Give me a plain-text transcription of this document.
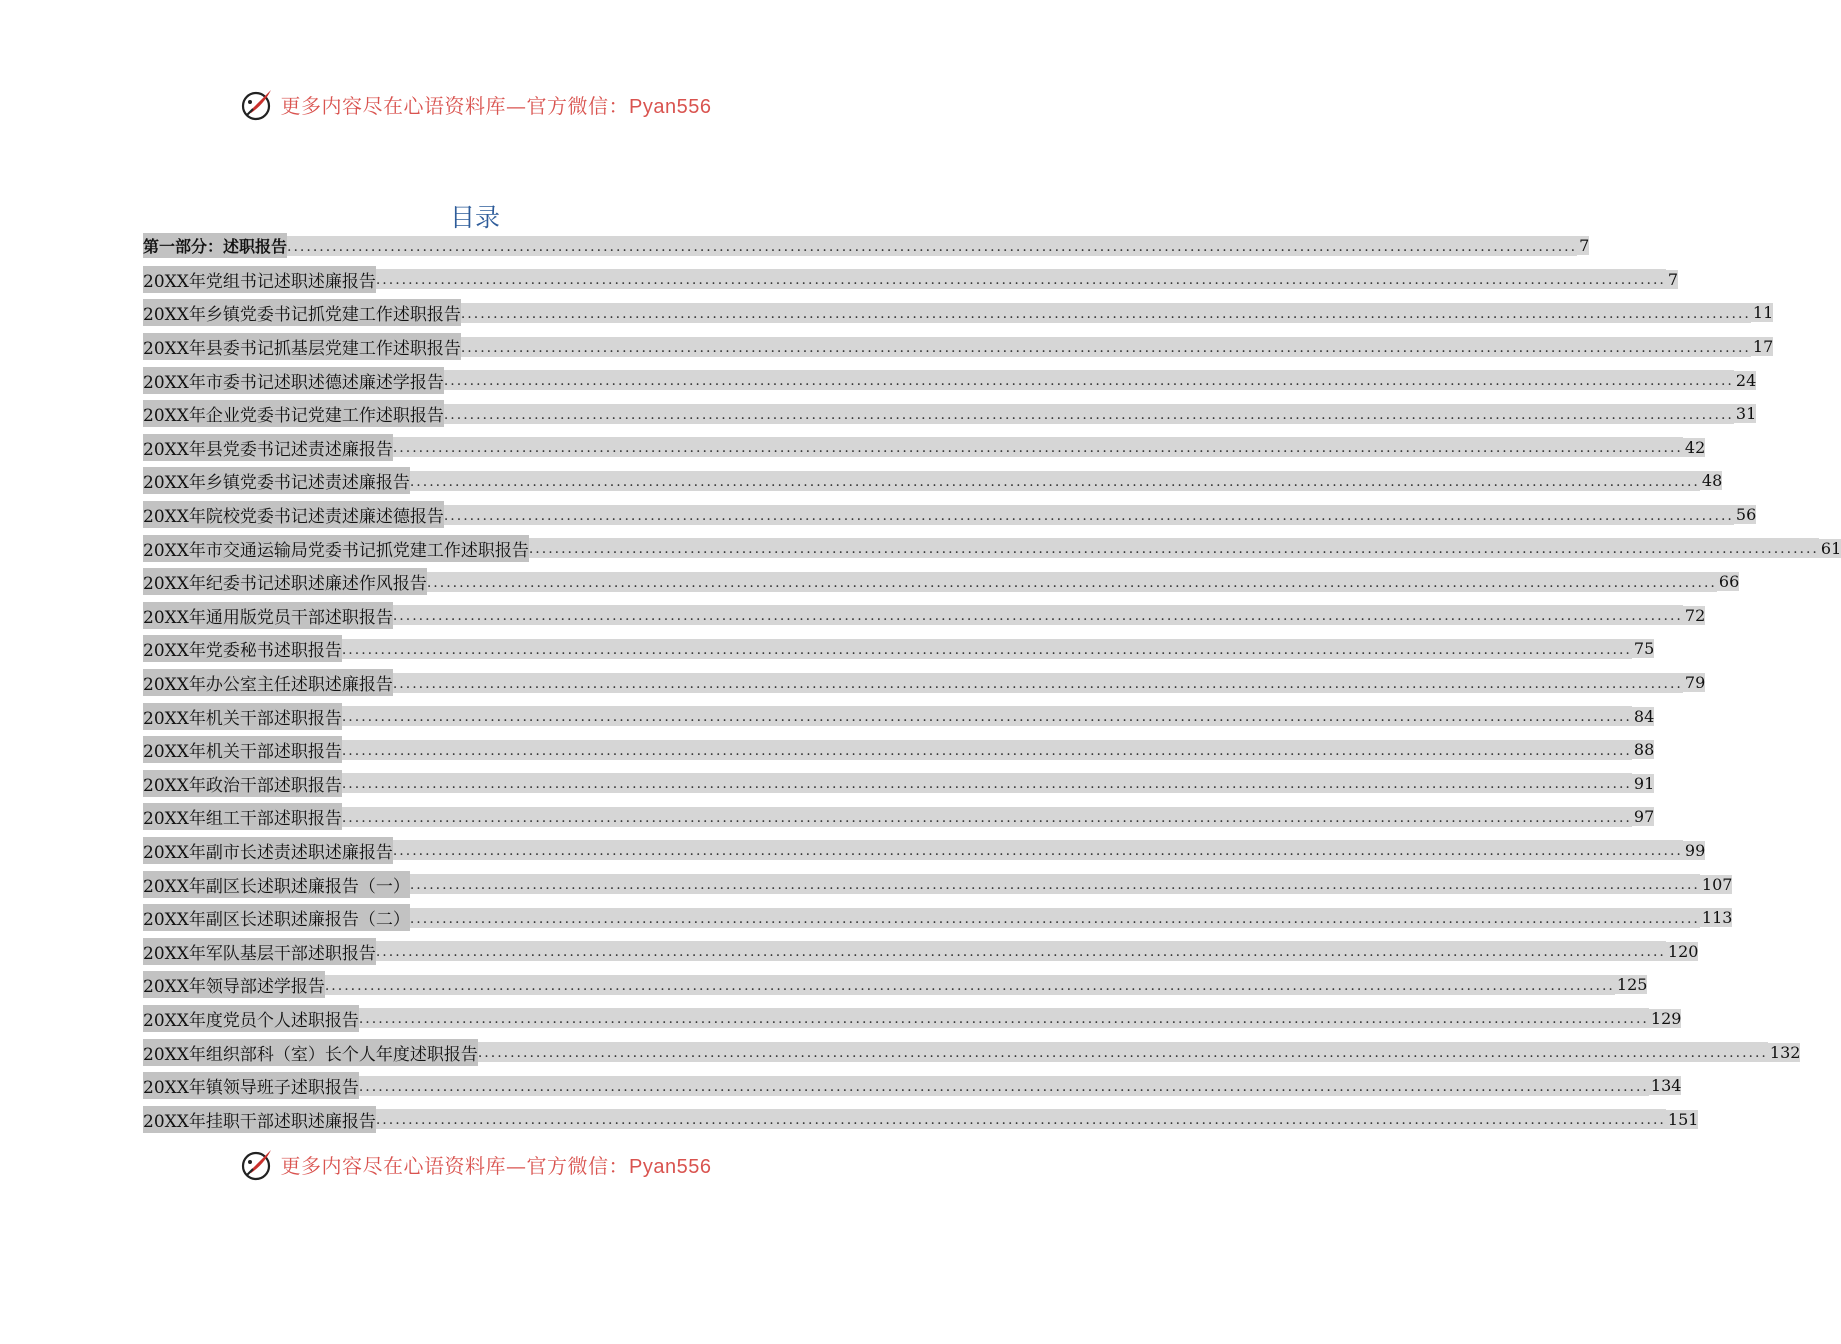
更多内容尽在心语资料库—官方微信：Pyan556
目录
第一部分：述职报告 ........................................................................................................................................................................................................ 7
20XX年党组书记述职述廉报告 ........................................................................................................................................................................................................ 7
20XX年乡镇党委书记抓党建工作述职报告 ........................................................................................................................................................................................................ 11
20XX年县委书记抓基层党建工作述职报告 ........................................................................................................................................................................................................ 17
20XX年市委书记述职述德述廉述学报告 ........................................................................................................................................................................................................ 24
20XX年企业党委书记党建工作述职报告 ........................................................................................................................................................................................................ 31
20XX年县党委书记述责述廉报告 ........................................................................................................................................................................................................ 42
20XX年乡镇党委书记述责述廉报告 ........................................................................................................................................................................................................ 48
20XX年院校党委书记述责述廉述德报告 ........................................................................................................................................................................................................ 56
20XX年市交通运输局党委书记抓党建工作述职报告 ........................................................................................................................................................................................................ 61
20XX年纪委书记述职述廉述作风报告 ........................................................................................................................................................................................................ 66
20XX年通用版党员干部述职报告 ........................................................................................................................................................................................................ 72
20XX年党委秘书述职报告 ........................................................................................................................................................................................................ 75
20XX年办公室主任述职述廉报告 ........................................................................................................................................................................................................ 79
20XX年机关干部述职报告 ........................................................................................................................................................................................................ 84
20XX年机关干部述职报告 ........................................................................................................................................................................................................ 88
20XX年政治干部述职报告 ........................................................................................................................................................................................................ 91
20XX年组工干部述职报告 ........................................................................................................................................................................................................ 97
20XX年副市长述责述职述廉报告 ........................................................................................................................................................................................................ 99
20XX年副区长述职述廉报告（一） ........................................................................................................................................................................................................ 107
20XX年副区长述职述廉报告（二） ........................................................................................................................................................................................................ 113
20XX年军队基层干部述职报告 ........................................................................................................................................................................................................ 120
20XX年领导部述学报告 ........................................................................................................................................................................................................ 125
20XX年度党员个人述职报告 ........................................................................................................................................................................................................ 129
20XX年组织部科（室）长个人年度述职报告 ........................................................................................................................................................................................................ 132
20XX年镇领导班子述职报告 ........................................................................................................................................................................................................ 134
20XX年挂职干部述职述廉报告 ........................................................................................................................................................................................................ 151
更多内容尽在心语资料库—官方微信：Pyan556
